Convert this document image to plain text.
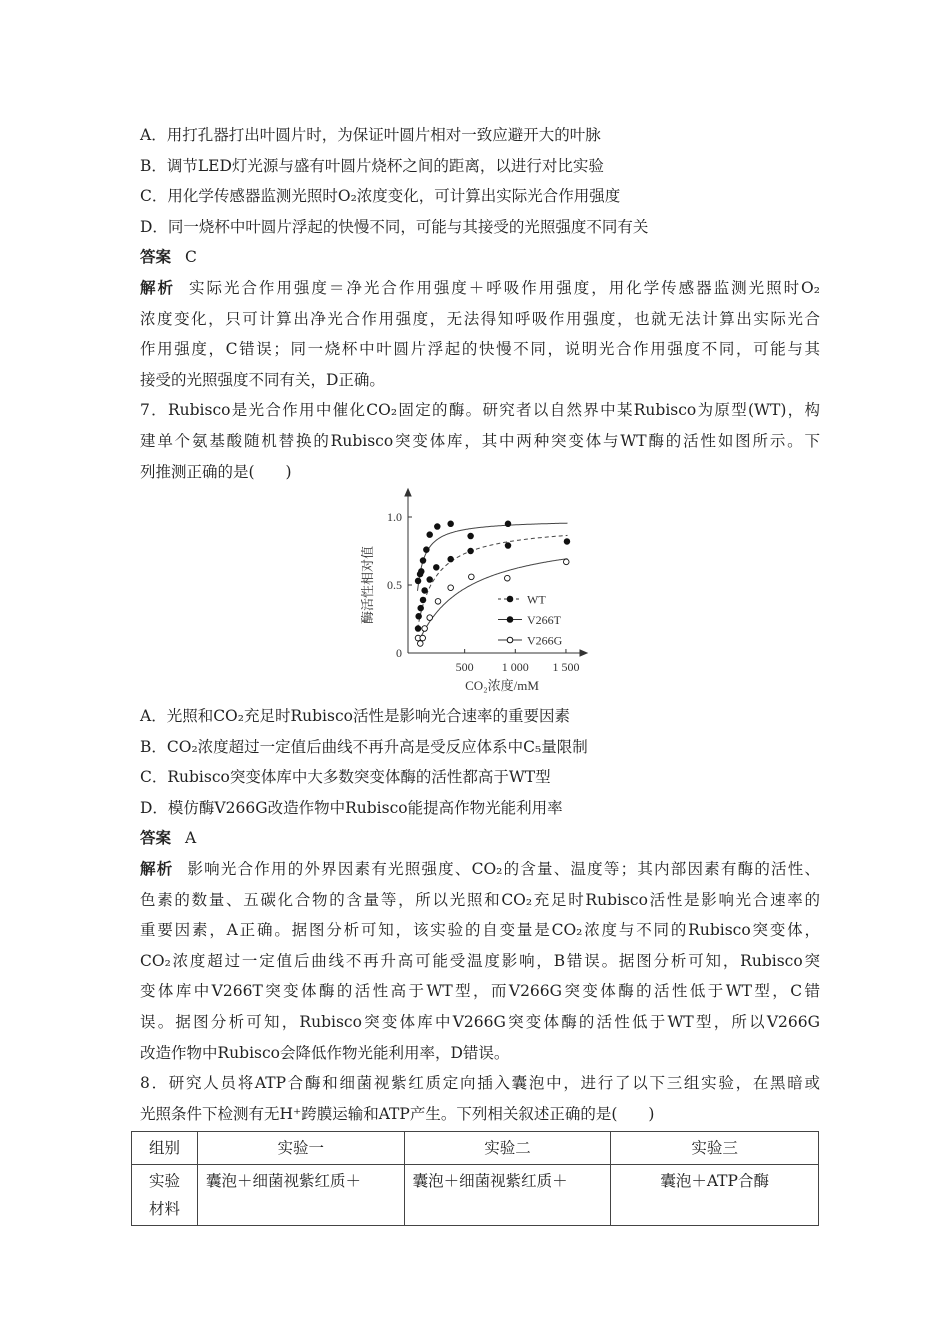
A．用打孔器打出叶圆片时，为保证叶圆片相对一致应避开大的叶脉
B．调节LED灯光源与盛有叶圆片烧杯之间的距离，以进行对比实验
C．用化学传感器监测光照时O₂浓度变化，可计算出实际光合作用强度
D．同一烧杯中叶圆片浮起的快慢不同，可能与其接受的光照强度不同有关
答案 C
解析 实际光合作用强度＝净光合作用强度＋呼吸作用强度，用化学传感器监测光照时O₂
浓度变化，只可计算出净光合作用强度，无法得知呼吸作用强度，也就无法计算出实际光合
作用强度，C错误；同一烧杯中叶圆片浮起的快慢不同，说明光合作用强度不同，可能与其
接受的光照强度不同有关，D正确。
7．Rubisco是光合作用中催化CO₂固定的酶。研究者以自然界中某Rubisco为原型(WT)，构
建单个氨基酸随机替换的Rubisco突变体库，其中两种突变体与WT酶的活性如图所示。下
列推测正确的是(　　)
500 1 000 1 500
0
0.5
1.0
酶活性相对值
CO₂浓度/mM
WT
V266T
V266G
A．光照和CO₂充足时Rubisco活性是影响光合速率的重要因素
B．CO₂浓度超过一定值后曲线不再升高是受反应体系中C₅量限制
C．Rubisco突变体库中大多数突变体酶的活性都高于WT型
D．模仿酶V266G改造作物中Rubisco能提高作物光能利用率
答案 A
解析 影响光合作用的外界因素有光照强度、CO₂的含量、温度等；其内部因素有酶的活性、
色素的数量、五碳化合物的含量等，所以光照和CO₂充足时Rubisco活性是影响光合速率的
重要因素，A正确。据图分析可知，该实验的自变量是CO₂浓度与不同的Rubisco突变体，
CO₂浓度超过一定值后曲线不再升高可能受温度影响，B错误。据图分析可知，Rubisco突
变体库中V266T突变体酶的活性高于WT型，而V266G突变体酶的活性低于WT型，C错
误。据图分析可知，Rubisco突变体库中V266G突变体酶的活性低于WT型，所以V266G
改造作物中Rubisco会降低作物光能利用率，D错误。
8．研究人员将ATP合酶和细菌视紫红质定向插入囊泡中，进行了以下三组实验，在黑暗或
光照条件下检测有无H⁺跨膜运输和ATP产生。下列相关叙述正确的是(　　)
组别	实验一	实验二	实验三

实验
材料	囊泡＋细菌视紫红质＋	囊泡＋细菌视紫红质＋	囊泡＋ATP合酶
